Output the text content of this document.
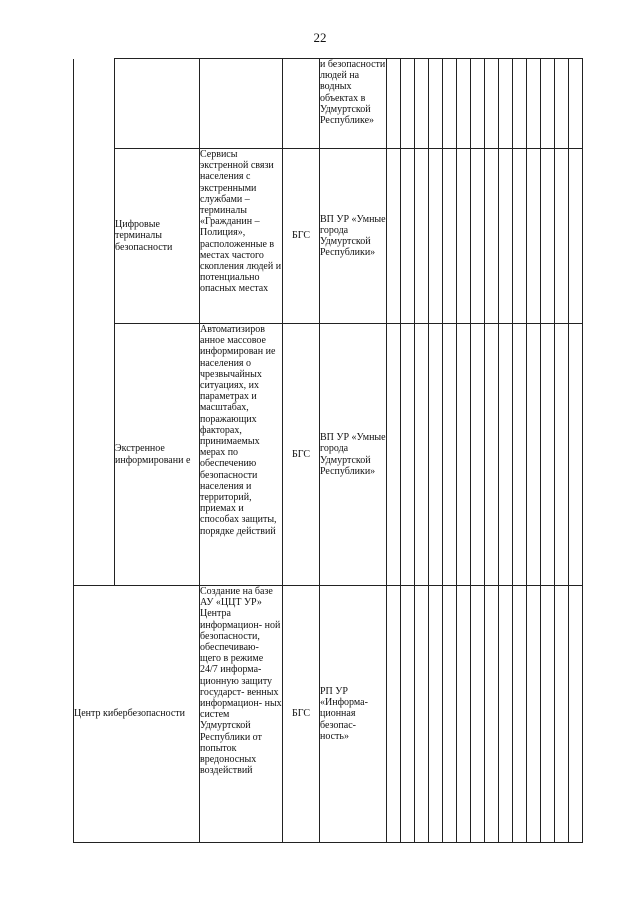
22

				и безопасности людей на водных объектах в Удмуртской Республике»														

	Цифровые терминалы безопасности	Сервисы экстренной связи населения с экстренными службами – терминалы «Гражданин – Полиция», расположенные в местах частого скопления людей и потенциально опасных местах	БГС	ВП УР «Умные города Удмуртской Республики»														

	Экстренное информировани е	Автоматизиров анное массовое информирован ие населения о чрезвычайных ситуациях, их параметрах и масштабах, поражающих факторах, принимаемых мерах по обеспечению безопасности населения и территорий, приемах и способах защиты, порядке действий	БГС	ВП УР «Умные города Удмуртской Республики»														

Центр кибербезопасности		Создание на базе АУ «ЦЦТ УР» Центра информацион- ной безопасности, обеспечиваю- щего в режиме 24/7 информа- ционную защиту государст- венных информацион- ных систем Удмуртской Республики от попыток вредоносных воздействий	БГС	РП УР «Информа- ционная безопас- ность»														
